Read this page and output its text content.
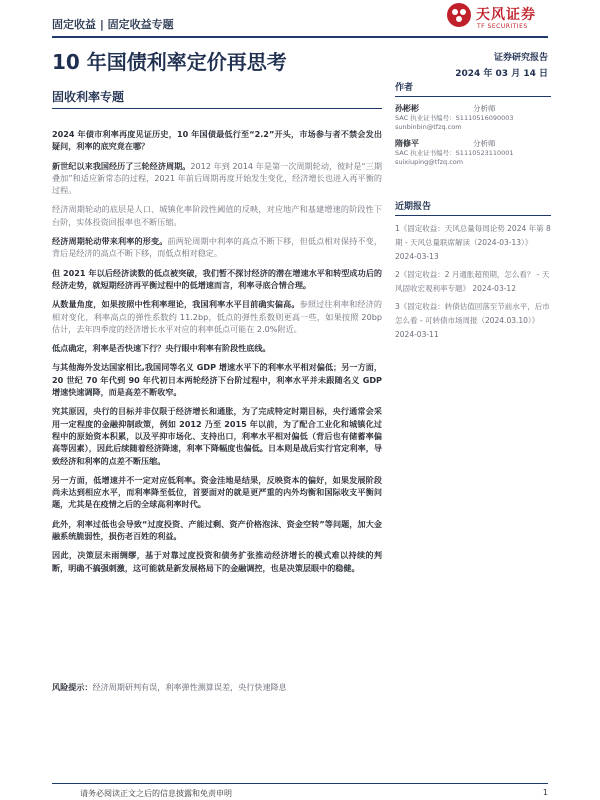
固定收益 | 固定收益专题
天风证券
TF SECURITIES
10 年国债利率定价再思考	证券研究报告
2024 年 03 月 14 日
固收利率专题

2024 年债市利率再度见证历史，10 年国债最低行至“2.2”开头，市场参与者不禁会发出疑问，利率的底究竟在哪？

新世纪以来我国经历了三轮经济周期。2012 年到 2014 年是第一次周期轮动，彼时是“三期叠加”和适应新常态的过程，2021 年前后周期再度开始发生变化，经济增长也进入再平衡的过程。

经济周期轮动的底层是人口、城镇化率阶段性阈值的反映，对应地产和基建增速的阶段性下台阶，实体投资回报率也不断压缩。

经济周期轮动带来利率的形变。前两轮周期中利率的高点不断下移，但低点相对保持不变，背后是经济的高点不断下移，而低点相对稳定。

但 2021 年以后经济读数的低点被突破，我们暂不探讨经济的潜在增速水平和转型成功后的经济走势，就短期经济再平衡过程中的低增速而言，利率寻底合情合理。

从数量角度，如果按照中性利率理论，我国利率水平目前确实偏高。参照过往利率和经济的相对变化，利率高点的弹性系数约 11.2bp，低点的弹性系数则更高一些，如果按照 20bp 估计，去年四季度的经济增长水平对应的利率低点可能在 2.0%附近。

低点确定，利率是否快速下行？央行眼中利率有阶段性底线。

与其他海外发达国家相比,我国同等名义 GDP 增速水平下的利率水平相对偏低；另一方面，20 世纪 70 年代到 90 年代初日本两轮经济下台阶过程中，利率水平并未跟随名义 GDP 增速快速调降，而是高差不断收窄。

究其原因，央行的目标并非仅限于经济增长和通胀，为了完成特定时期目标，央行通常会采用一定程度的金融抑制政策，例如 2012 乃至 2015 年以前，为了配合工业化和城镇化过程中的原始资本积累，以及平抑市场化、支持出口，利率水平相对偏低（背后也有储蓄率偏高等因素），因此后续随着经济降速，利率下降幅度也偏低。日本则是战后实行官定利率，导致经济和利率的点差不断压缩。

另一方面，低增速并不一定对应低利率。资金洼地是结果，反映资本的偏好，如果发展阶段尚未达到相应水平，而利率降至低位，首要面对的就是更严重的内外均衡和国际收支平衡问题，尤其是在疫情之后的全球高利率时代。

此外，利率过低也会导致“过度投资、产能过剩、资产价格泡沫、资金空转”等问题，加大金融系统脆弱性，损伤老百姓的利益。

因此，决策层未雨绸缪，基于对靠过度投资和债务扩张推动经济增长的模式难以持续的判断，明确不搞强刺激，这可能就是新发展格局下的金融调控，也是决策层眼中的稳健。

风险提示：经济周期研判有误，利率弹性测算误差，央行快速降息
作者
孙彬彬	分析师
SAC 执业证书编号：S1110516090003
sunbinbin@tfzq.com
隋修平	分析师
SAC 执业证书编号：S1110523110001
suixiuping@tfzq.com
近期报告
1《固定收益：天风总量每周论势 2024 年第 8 期 - 天风总量联席解读（2024-03-13）》 2024-03-13
2《固定收益：2 月通胀超预期，怎么看？ - 天风固收宏观利率专题》 2024-03-12
3《固定收益：转债估值回落至节前水平，后市怎么看 - 可转债市场周报（2024.03.10）》 2024-03-11
请务必阅读正文之后的信息披露和免责申明	1
